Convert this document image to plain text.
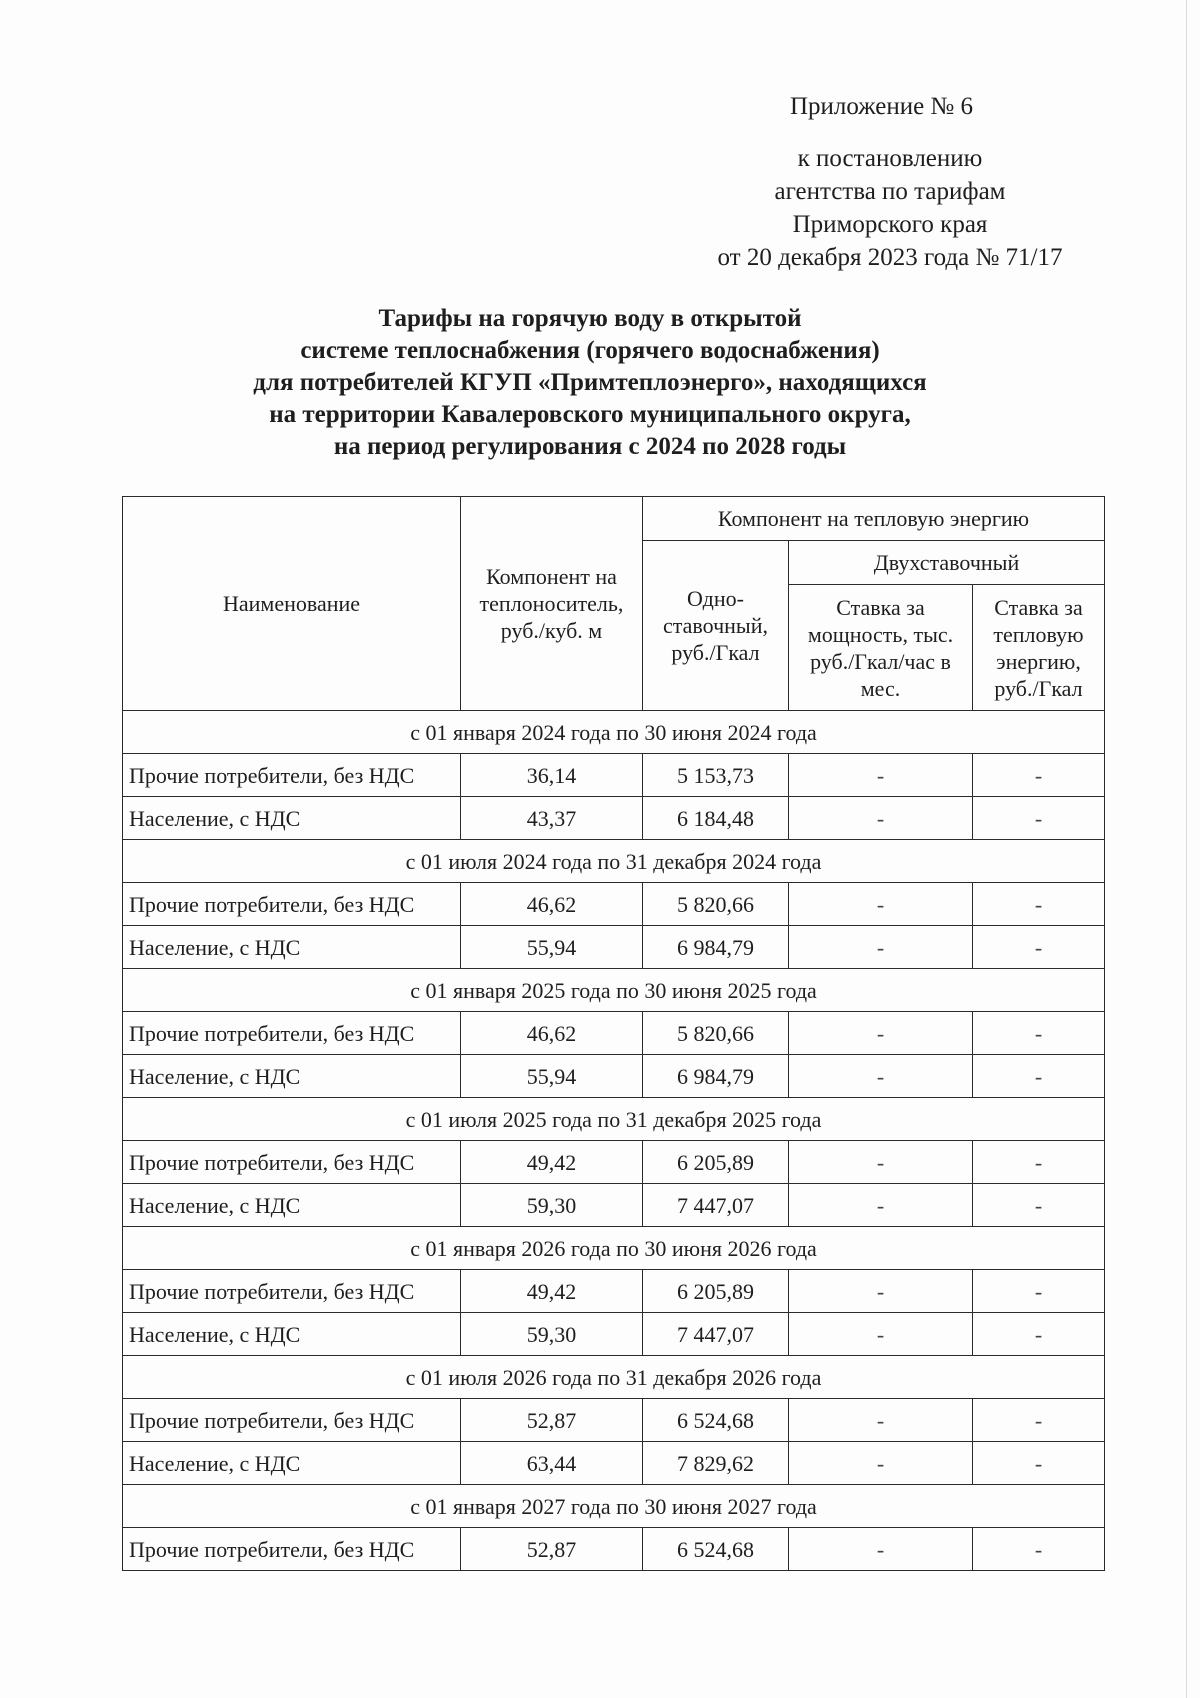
Приложение № 6
к постановлению
агентства по тарифам
Приморского края
от 20 декабря 2023 года № 71/17
Тарифы на горячую воду в открытой
системе теплоснабжения (горячего водоснабжения)
для потребителей КГУП «Примтеплоэнерго», находящихся
на территории Кавалеровского муниципального округа,
на период регулирования с 2024 по 2028 годы
Наименование	Компонент на теплоноситель, руб./куб. м	Компонент на тепловую энергию		
		Одно-ставочный, руб./Гкал	Двухставочный	
			Ставка за мощность, тыс. руб./Гкал/час в мес.	Ставка за тепловую энергию, руб./Гкал
с 01 января 2024 года по 30 июня 2024 года				
Прочие потребители, без НДС	36,14	5 153,73	-	-
Население, с НДС	43,37	6 184,48	-	-
с 01 июля 2024 года по 31 декабря 2024 года				
Прочие потребители, без НДС	46,62	5 820,66	-	-
Население, с НДС	55,94	6 984,79	-	-
с 01 января 2025 года по 30 июня 2025 года				
Прочие потребители, без НДС	46,62	5 820,66	-	-
Население, с НДС	55,94	6 984,79	-	-
с 01 июля 2025 года по 31 декабря 2025 года				
Прочие потребители, без НДС	49,42	6 205,89	-	-
Население, с НДС	59,30	7 447,07	-	-
с 01 января 2026 года по 30 июня 2026 года				
Прочие потребители, без НДС	49,42	6 205,89	-	-
Население, с НДС	59,30	7 447,07	-	-
с 01 июля 2026 года по 31 декабря 2026 года				
Прочие потребители, без НДС	52,87	6 524,68	-	-
Население, с НДС	63,44	7 829,62	-	-
с 01 января 2027 года по 30 июня 2027 года				
Прочие потребители, без НДС	52,87	6 524,68	-	-
